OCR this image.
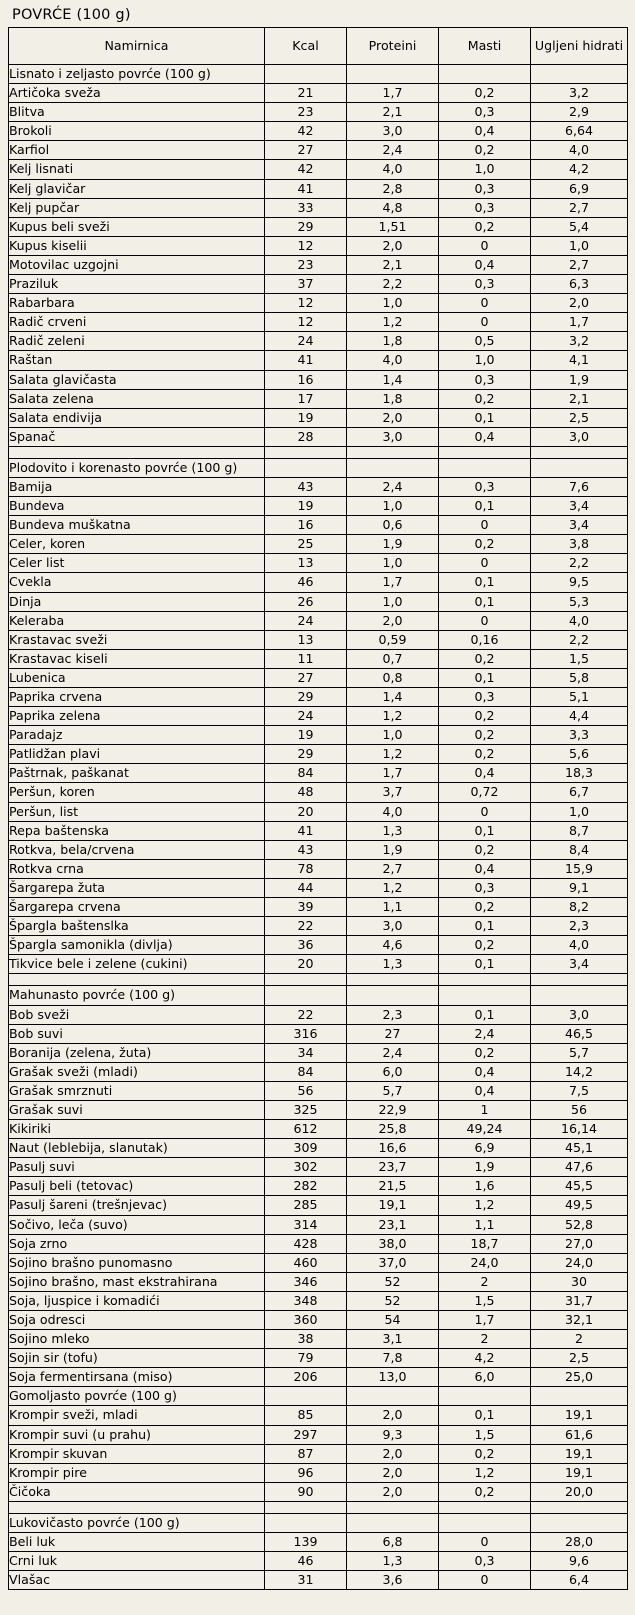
POVRĆE (100 g)
Namirnica	Kcal	Proteini	Masti	Ugljeni hidrati
Lisnato i zeljasto povrće (100 g)				
Artičoka sveža	21	1,7	0,2	3,2
Blitva	23	2,1	0,3	2,9
Brokoli	42	3,0	0,4	6,64
Karfiol	27	2,4	0,2	4,0
Kelj lisnati	42	4,0	1,0	4,2
Kelj glavičar	41	2,8	0,3	6,9
Kelj pupčar	33	4,8	0,3	2,7
Kupus beli sveži	29	1,51	0,2	5,4
Kupus kiselii	12	2,0	0	1,0
Motovilac uzgojni	23	2,1	0,4	2,7
Praziluk	37	2,2	0,3	6,3
Rabarbara	12	1,0	0	2,0
Radič crveni	12	1,2	0	1,7
Radič zeleni	24	1,8	0,5	3,2
Raštan	41	4,0	1,0	4,1
Salata glavičasta	16	1,4	0,3	1,9
Salata zelena	17	1,8	0,2	2,1
Salata endivija	19	2,0	0,1	2,5
Spanač	28	3,0	0,4	3,0

Plodovito i korenasto povrće (100 g)				
Bamija	43	2,4	0,3	7,6
Bundeva	19	1,0	0,1	3,4
Bundeva muškatna	16	0,6	0	3,4
Celer, koren	25	1,9	0,2	3,8
Celer list	13	1,0	0	2,2
Cvekla	46	1,7	0,1	9,5
Dinja	26	1,0	0,1	5,3
Keleraba	24	2,0	0	4,0
Krastavac sveži	13	0,59	0,16	2,2
Krastavac kiseli	11	0,7	0,2	1,5
Lubenica	27	0,8	0,1	5,8
Paprika crvena	29	1,4	0,3	5,1
Paprika zelena	24	1,2	0,2	4,4
Paradajz	19	1,0	0,2	3,3
Patlidžan plavi	29	1,2	0,2	5,6
Paštrnak, paškanat	84	1,7	0,4	18,3
Peršun, koren	48	3,7	0,72	6,7
Peršun, list	20	4,0	0	1,0
Repa baštenska	41	1,3	0,1	8,7
Rotkva, bela/crvena	43	1,9	0,2	8,4
Rotkva crna	78	2,7	0,4	15,9
Šargarepa žuta	44	1,2	0,3	9,1
Šargarepa crvena	39	1,1	0,2	8,2
Špargla baštenslka	22	3,0	0,1	2,3
Špargla samonikla (divlja)	36	4,6	0,2	4,0
Tikvice bele i zelene (cukini)	20	1,3	0,1	3,4

Mahunasto povrće (100 g)				
Bob sveži	22	2,3	0,1	3,0
Bob suvi	316	27	2,4	46,5
Boranija (zelena, žuta)	34	2,4	0,2	5,7
Grašak sveži (mladi)	84	6,0	0,4	14,2
Grašak smrznuti	56	5,7	0,4	7,5
Grašak suvi	325	22,9	1	56
Kikiriki	612	25,8	49,24	16,14
Naut (leblebija, slanutak)	309	16,6	6,9	45,1
Pasulj suvi	302	23,7	1,9	47,6
Pasulj beli (tetovac)	282	21,5	1,6	45,5
Pasulj šareni (trešnjevac)	285	19,1	1,2	49,5
Sočivo, leča (suvo)	314	23,1	1,1	52,8
Soja zrno	428	38,0	18,7	27,0
Sojino brašno punomasno	460	37,0	24,0	24,0
Sojino brašno, mast ekstrahirana	346	52	2	30
Soja, ljuspice i komadići	348	52	1,5	31,7
Soja odresci	360	54	1,7	32,1
Sojino mleko	38	3,1	2	2
Sojin sir (tofu)	79	7,8	4,2	2,5
Soja fermentirsana (miso)	206	13,0	6,0	25,0
Gomoljasto povrće (100 g)				
Krompir sveži, mladi	85	2,0	0,1	19,1
Krompir suvi (u prahu)	297	9,3	1,5	61,6
Krompir skuvan	87	2,0	0,2	19,1
Krompir pire	96	2,0	1,2	19,1
Čičoka	90	2,0	0,2	20,0

Lukovičasto povrće (100 g)				
Beli luk	139	6,8	0	28,0
Crni luk	46	1,3	0,3	9,6
Vlašac	31	3,6	0	6,4
